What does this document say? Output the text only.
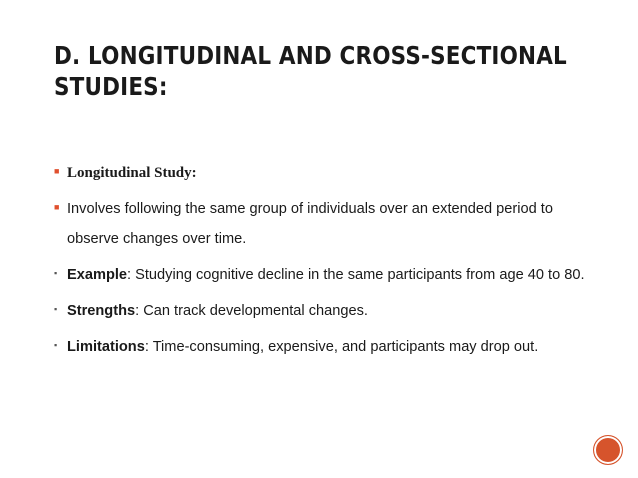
D. LONGITUDINAL AND CROSS-SECTIONAL
STUDIES:
■ Longitudinal Study:
■ Involves following the same group of individuals over an extended period to observe changes over time.
▪ Example: Studying cognitive decline in the same participants from age 40 to 80.
▪ Strengths: Can track developmental changes.
▪ Limitations: Time-consuming, expensive, and participants may drop out.
